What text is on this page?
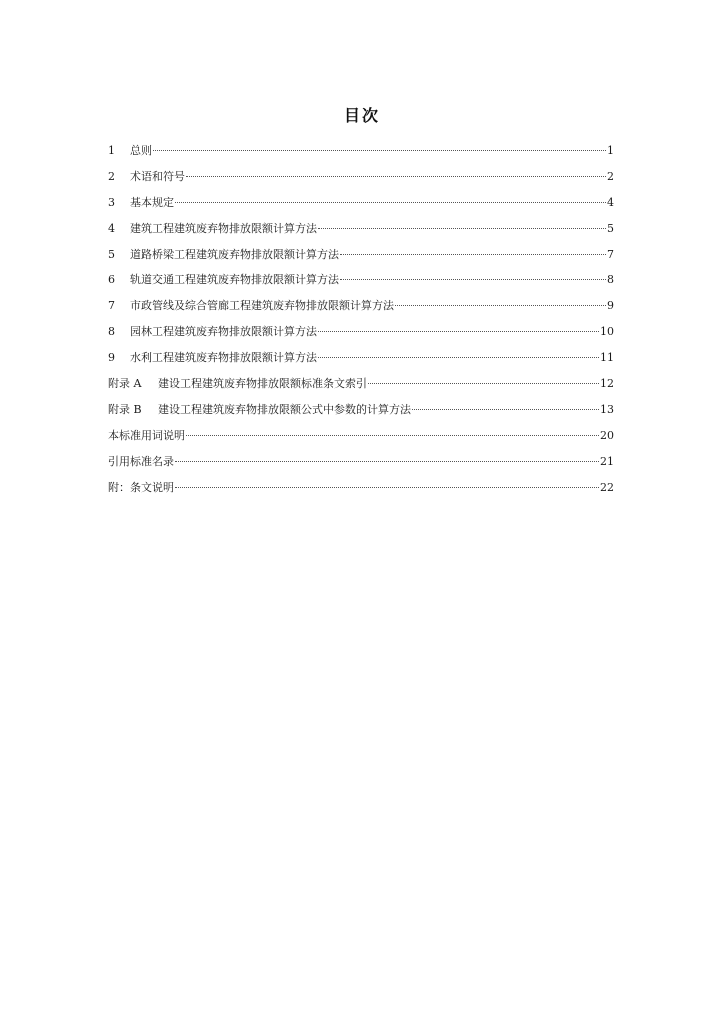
目次
1	总则	1
2	术语和符号	2
3	基本规定	4
4	建筑工程建筑废弃物排放限额计算方法	5
5	道路桥梁工程建筑废弃物排放限额计算方法	7
6	轨道交通工程建筑废弃物排放限额计算方法	8
7	市政管线及综合管廊工程建筑废弃物排放限额计算方法	9
8	园林工程建筑废弃物排放限额计算方法	10
9	水利工程建筑废弃物排放限额计算方法	11
附录 A	建设工程建筑废弃物排放限额标准条文索引	12
附录 B	建设工程建筑废弃物排放限额公式中参数的计算方法	13
本标准用词说明	20
引用标准名录	21
附：条文说明	22
